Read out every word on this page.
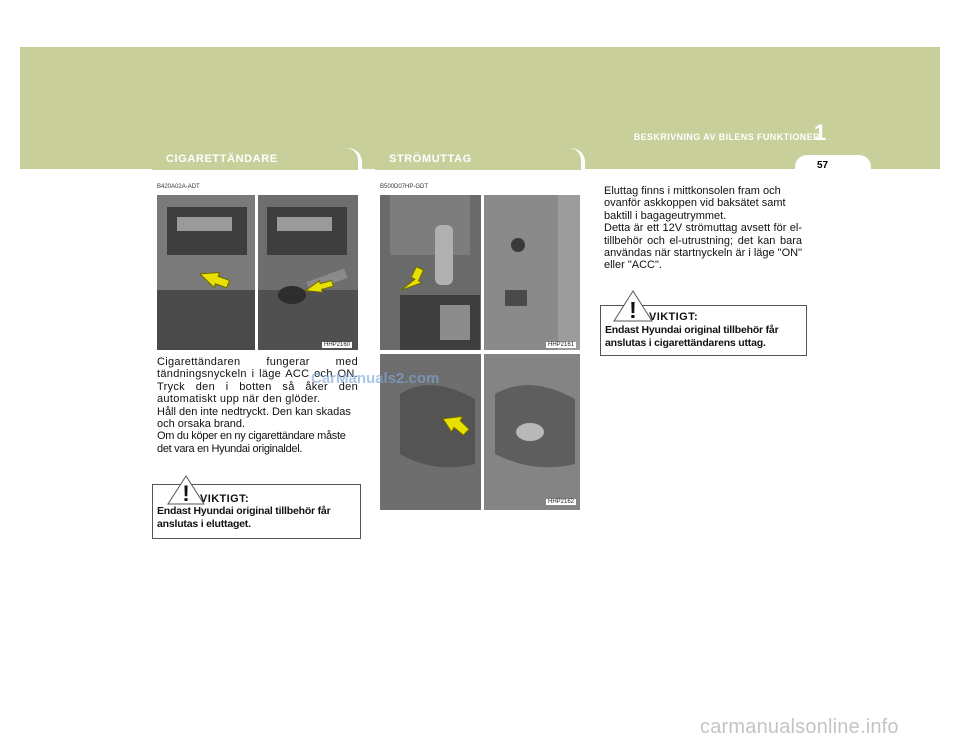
BESKRIVNING AV BILENS FUNKTIONER
1
57
CIGARETTÄNDARE	STRÖMUTTAG
B420A02A-ADT
HHP2160

Cigarettändaren fungerar med tändningsnyckeln i läge ACC och ON. Tryck den i botten så åker den automatiskt upp när den glöder.

Håll den inte nedtryckt. Den kan skadas och orsaka brand.

Om du köper en ny cigarettändare måste det vara en Hyundai originaldel.

! VIKTIGT:
Endast Hyundai original tillbehör får anslutas i eluttaget.
B500D07HP-GDT
HHP2161
HHP2162

Eluttag finns i mittkonsolen fram och ovanför askkoppen vid baksätet samt baktill i bagageutrymmet.

Detta är ett 12V strömuttag avsett för el-tillbehör och el-utrustning; det kan bara användas när startnyckeln är i läge "ON" eller "ACC".

! VIKTIGT:
Endast Hyundai original tillbehör får anslutas i cigarettändarens uttag.
CarManuals2.com
carmanualsonline.info
